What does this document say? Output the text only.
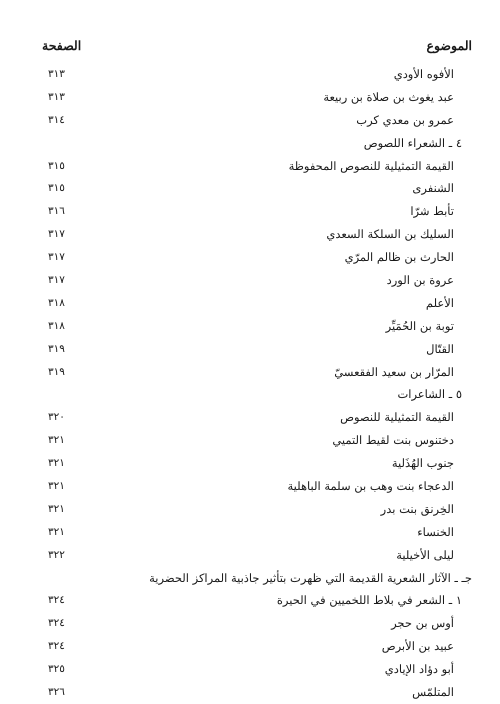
الموضوع
الصفحة
الأفوه الأودي
٣١٣
عبد يغوث بن صلاة بن ربيعة
٣١٣
عمرو بن معدي كرب
٣١٤
٤ ـ الشعراء اللصوص
القيمة التمثيلية للنصوص المحفوظة
٣١٥
الشنفرى
٣١٥
تأبط شرّا
٣١٦
السليك بن السلكة السعدي
٣١٧
الحارث بن ظالم المرّي
٣١٧
عروة بن الورد
٣١٧
الأعلم
٣١٨
توبة بن الحُمَيِّر
٣١٨
القتّال
٣١٩
المرّار بن سعيد الفقعسيّ
٣١٩
٥ ـ الشاعرات
القيمة التمثيلية للنصوص
٣٢٠
دختنوس بنت لقيط التميي
٣٢١
جنوب الهُذَلية
٣٢١
الدعجاء بنت وهب بن سلمة الباهلية
٣٢١
الخِرنق بنت بدر
٣٢١
الخنساء
٣٢١
ليلى الأخيلية
٣٢٢
جـ ـ الآثار الشعرية القديمة التي ظهرت بتأثير جاذبية المراكز الحضرية
١ ـ الشعر في بلاط اللخميين في الحيرة
٣٢٤
أوس بن حجر
٣٢٤
عبيد بن الأبرص
٣٢٤
أبو دؤاد الإيادي
٣٢٥
المتلمّس
٣٢٦
